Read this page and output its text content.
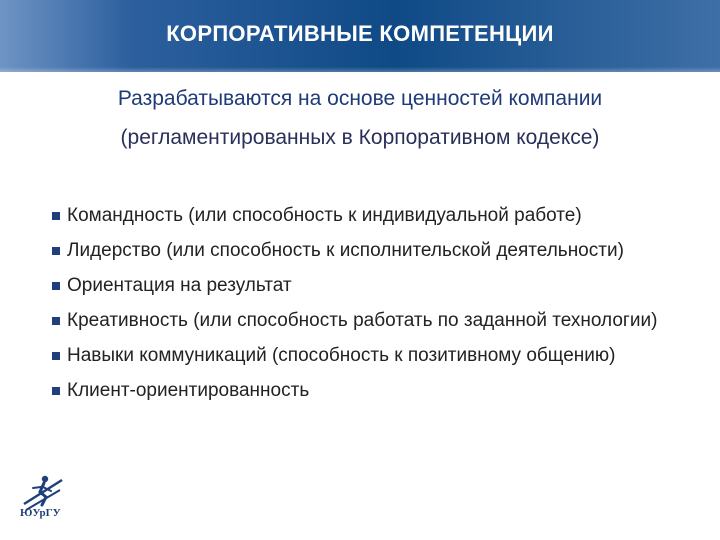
КОРПОРАТИВНЫЕ КОМПЕТЕНЦИИ
Разрабатываются на основе ценностей компании
(регламентированных в Корпоративном кодексе)
Командность (или способность к индивидуальной работе)
Лидерство (или способность к исполнительской деятельности)
Ориентация на результат
Креативность (или способность работать по заданной технологии)
Навыки коммуникаций (способность к позитивному общению)
Клиент-ориентированность
ЮУрГУ
